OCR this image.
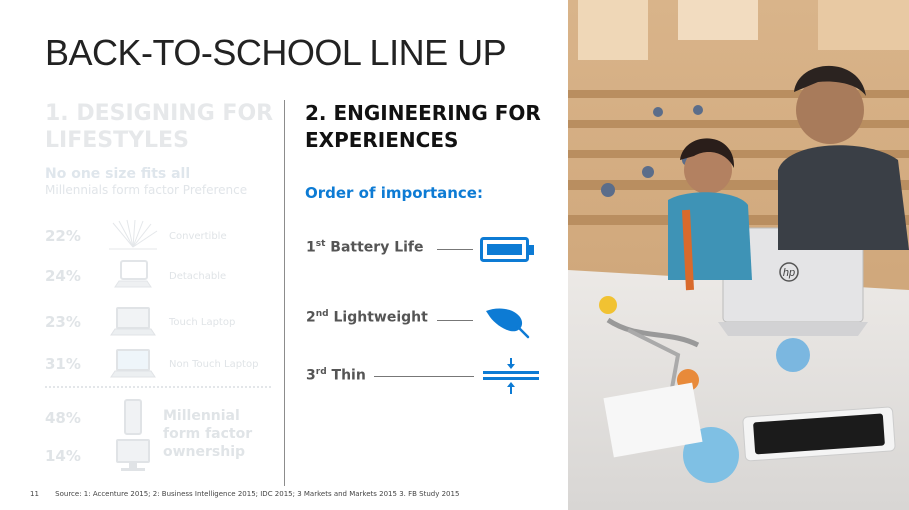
BACK-TO-SCHOOL LINE UP
1. DESIGNING FOR
LIFESTYLES
No one size fits all
Millennials form factor Preference
22%	Convertible
24%	Detachable
23%	Touch Laptop
31%	Non Touch Laptop
48%
14%
Millennial
form factor
ownership
2. ENGINEERING FOR
EXPERIENCES
Order of importance:
1st Battery Life
2nd Lightweight
3rd Thin
11 Source: 1: Accenture 2015; 2: Business Intelligence 2015; IDC 2015; 3 Markets and Markets 2015 3. FB Study 2015
hp
